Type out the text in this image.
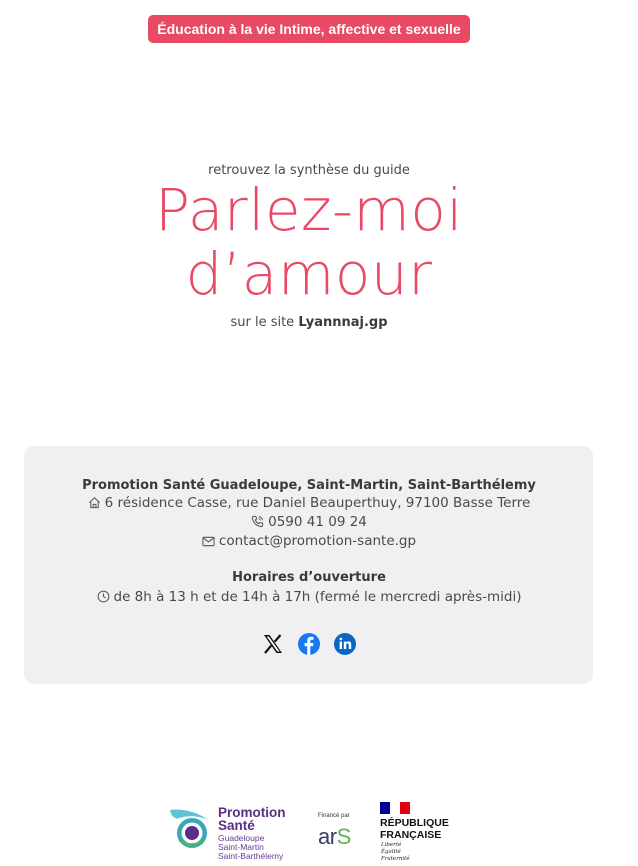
Éducation à la vie Intime, affective et sexuelle
retrouvez la synthèse du guide
Parlez-moi
d’amour
sur le site Lyannnaj.gp
Promotion Santé Guadeloupe, Saint-Martin, Saint-Barthélemy
6 résidence Casse, rue Daniel Beauperthuy, 97100 Basse Terre
0590 41 09 24
contact@promotion-sante.gp
Horaires d’ouverture
de 8h à 13 h et de 14h à 17h (fermé le mercredi après-midi)
Promotion
Santé
Guadeloupe
Saint-Martin
Saint-Barthélemy
Financé par
arS
RÉPUBLIQUE
FRANÇAISE
Liberté
Égalité
Fraternité
